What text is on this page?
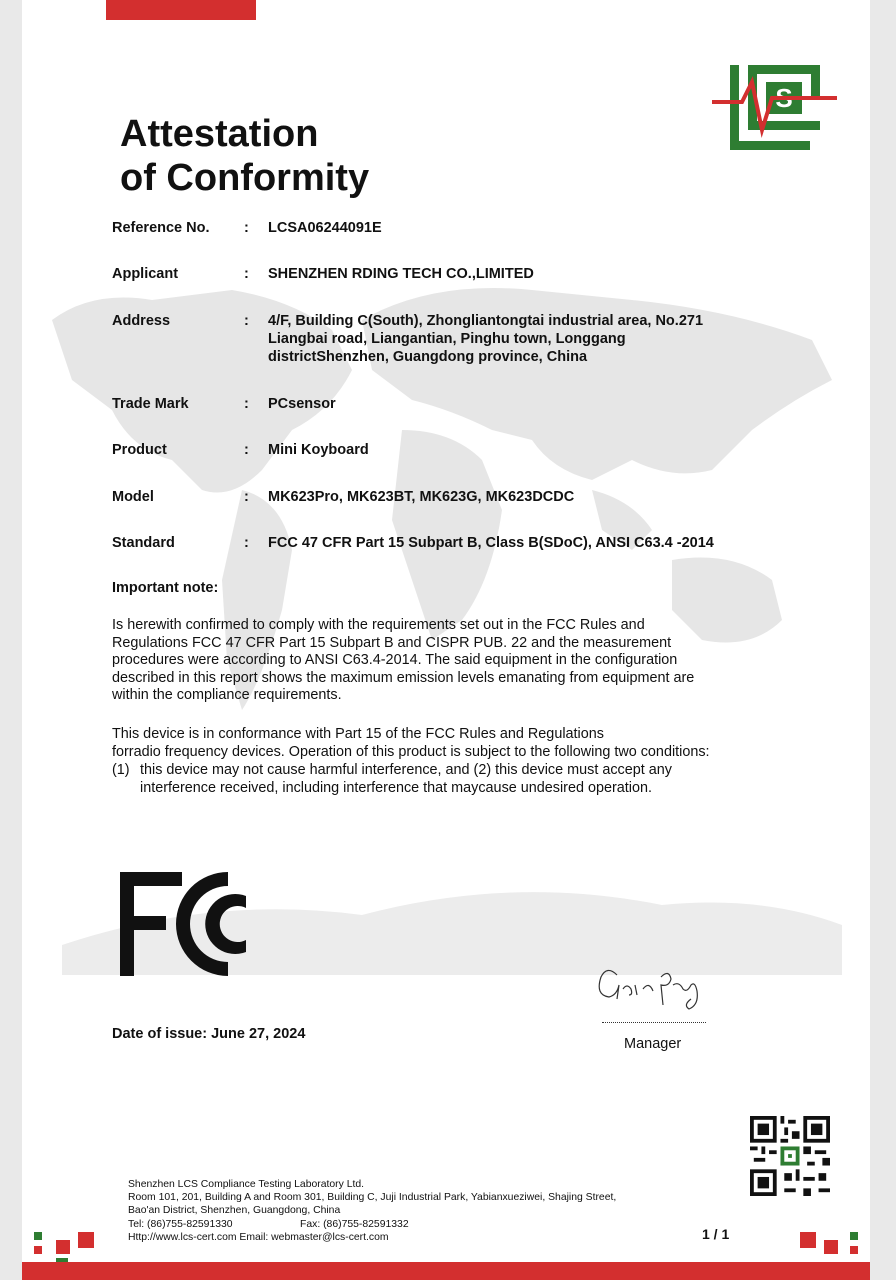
S
Attestation
of Conformity
Reference No.	: LCSA06244091E
Applicant	: SHENZHEN RDING TECH CO.,LIMITED
Address	: 4/F, Building C(South), Zhongliantongtai industrial area, No.271
Liangbai road, Liangantian, Pinghu town, Longgang
districtShenzhen, Guangdong province, China
Trade Mark	: PCsensor
Product	: Mini Koyboard
Model	: MK623Pro, MK623BT, MK623G, MK623DCDC
Standard	: FCC 47 CFR Part 15 Subpart B, Class B(SDoC), ANSI C63.4 -2014
Important note:

Is herewith confirmed to comply with the requirements set out in the FCC Rules and
Regulations FCC 47 CFR Part 15 Subpart B and CISPR PUB. 22 and the measurement
procedures were according to ANSI C63.4-2014. The said equipment in the configuration
described in this report shows the maximum emission levels emanating from equipment are
within the compliance requirements.

This device is in conformance with Part 15 of the FCC Rules and Regulations
forradio frequency devices. Operation of this product is subject to the following two conditions:

(1) this device may not cause harmful interference, and (2) this device must accept any
interference received, including interference that maycause undesired operation.
Date of issue: June 27, 2024
Manager
Shenzhen LCS Compliance Testing Laboratory Ltd.
Room 101, 201, Building A and Room 301, Building C, Juji Industrial Park, Yabianxueziwei, Shajing Street,
Bao'an District, Shenzhen, Guangdong, China
Tel: (86)755-82591330	Fax: (86)755-82591332
Http://www.lcs-cert.com Email: webmaster@lcs-cert.com	1 / 1
